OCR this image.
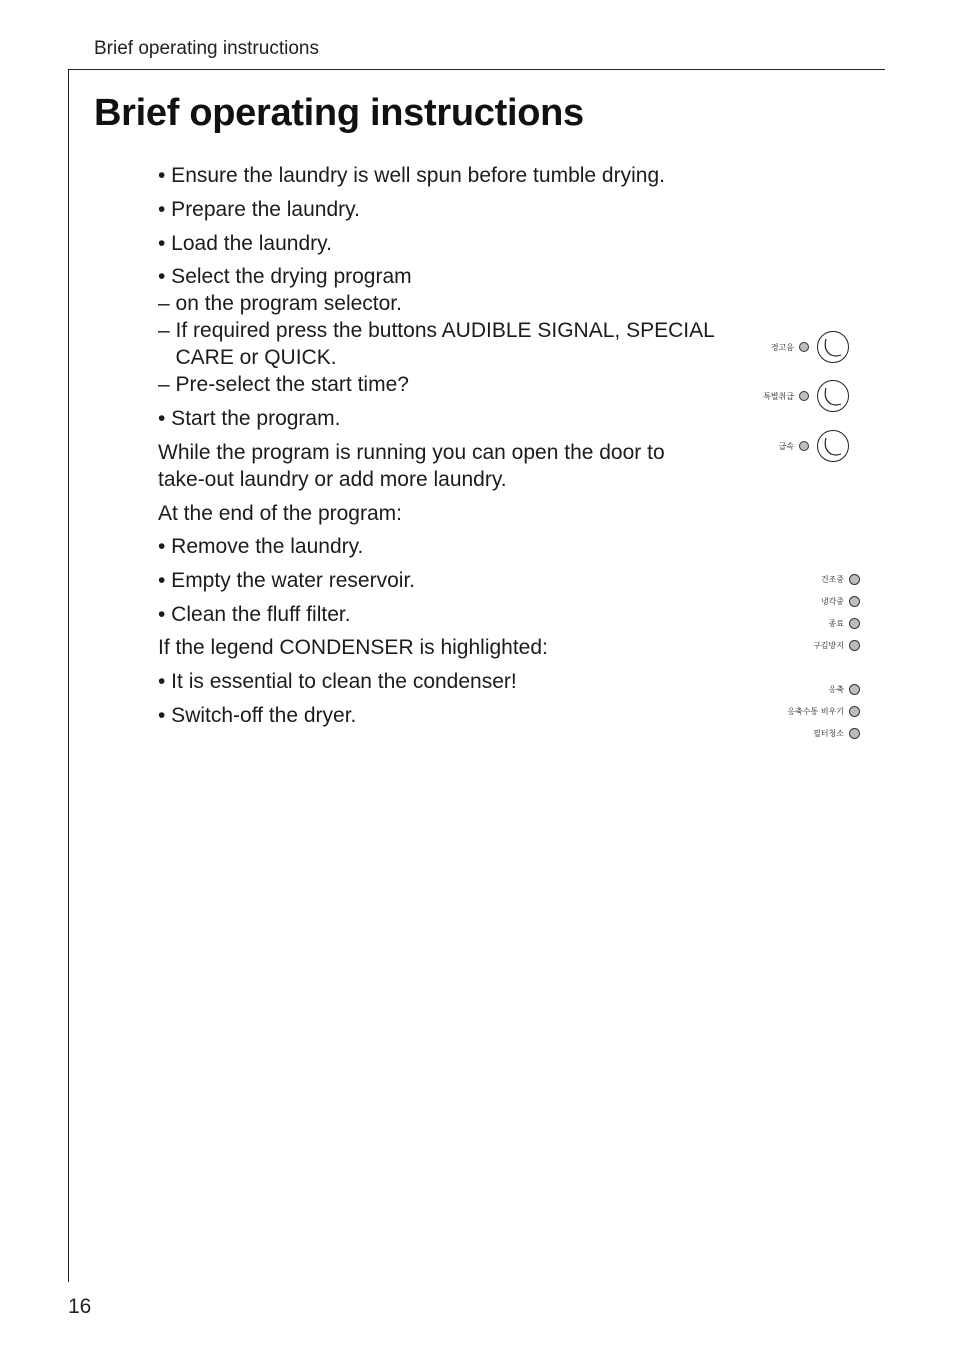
Brief operating instructions
Brief operating instructions
• Ensure the laundry is well spun before tumble drying.
• Prepare the laundry.
• Load the laundry.
• Select the drying program
– on the program selector.
– If required press the buttons AUDIBLE SIGNAL, SPECIAL
CARE or QUICK.
– Pre-select the start time?
• Start the program.
While the program is running you can open the door to
take-out laundry or add more laundry.
At the end of the program:
• Remove the laundry.
• Empty the water reservoir.
• Clean the fluff filter.
If the legend CONDENSER is highlighted:
• It is essential to clean the condenser!
• Switch-off the dryer.
경고음
특별취급
급속
건조중
냉각중
종료
구김방지
응축
응축수통 비우기
필터청소
16
